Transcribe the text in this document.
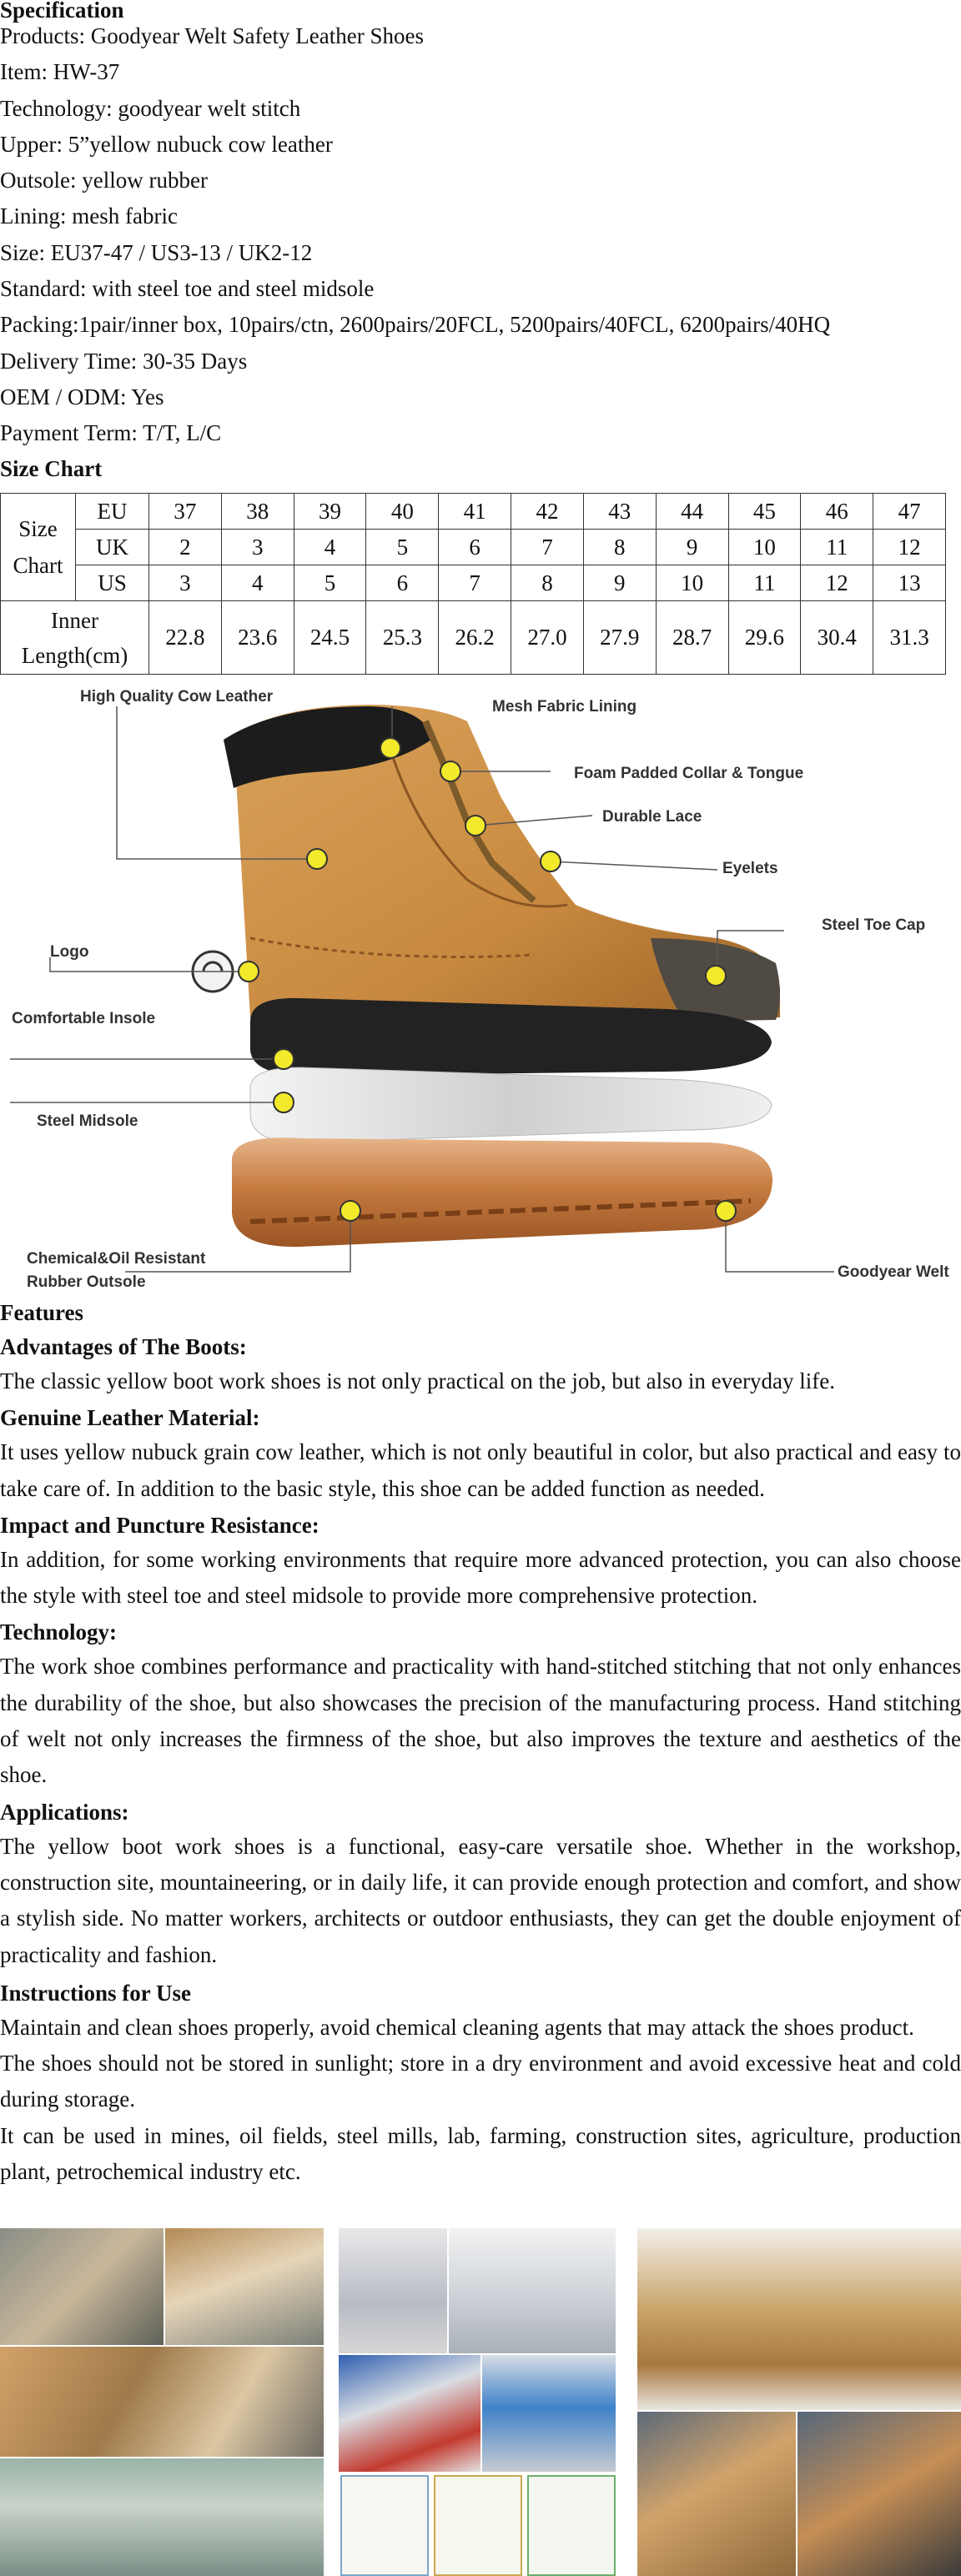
Specification
Products: Goodyear Welt Safety Leather Shoes
Item: HW-37
Technology: goodyear welt stitch
Upper: 5”yellow nubuck cow leather
Outsole: yellow rubber
Lining: mesh fabric
Size: EU37-47 / US3-13 / UK2-12
Standard: with steel toe and steel midsole
Packing:1pair/inner box, 10pairs/ctn, 2600pairs/20FCL, 5200pairs/40FCL, 6200pairs/40HQ
Delivery Time: 30-35 Days
OEM / ODM: Yes
Payment Term: T/T, L/C
Size Chart
Size Chart	EU	37	38	39	40	41	42	43	44	45	46	47
	UK	2	3	4	5	6	7	8	9	10	11	12
	US	3	4	5	6	7	8	9	10	11	12	13
Inner Length(cm)		22.8	23.6	24.5	25.3	26.2	27.0	27.9	28.7	29.6	30.4	31.3
High Quality Cow Leather
Mesh Fabric Lining
Foam Padded Collar & Tongue
Durable Lace
Eyelets
Steel Toe Cap
Logo
Comfortable Insole
Steel Midsole
Chemical&Oil Resistant
Rubber Outsole
Goodyear Welt
Features
Advantages of The Boots:
The classic yellow boot work shoes is not only practical on the job, but also in everyday life.
Genuine Leather Material:
It uses yellow nubuck grain cow leather, which is not only beautiful in color, but also practical and easy to take care of. In addition to the basic style, this shoe can be added function as needed.
Impact and Puncture Resistance:
In addition, for some working environments that require more advanced protection, you can also choose the style with steel toe and steel midsole to provide more comprehensive protection.
Technology:
The work shoe combines performance and practicality with hand-stitched stitching that not only enhances the durability of the shoe, but also showcases the precision of the manufacturing process. Hand stitching of welt not only increases the firmness of the shoe, but also improves the texture and aesthetics of the shoe.
Applications:
The yellow boot work shoes is a functional, easy-care versatile shoe. Whether in the workshop, construction site, mountaineering, or in daily life, it can provide enough protection and comfort, and show a stylish side. No matter workers, architects or outdoor enthusiasts, they can get the double enjoyment of practicality and fashion.
Instructions for Use
Maintain and clean shoes properly, avoid chemical cleaning agents that may attack the shoes product.
The shoes should not be stored in sunlight; store in a dry environment and avoid excessive heat and cold during storage.
It can be used in mines, oil fields, steel mills, lab, farming, construction sites, agriculture, production plant, petrochemical industry etc.
